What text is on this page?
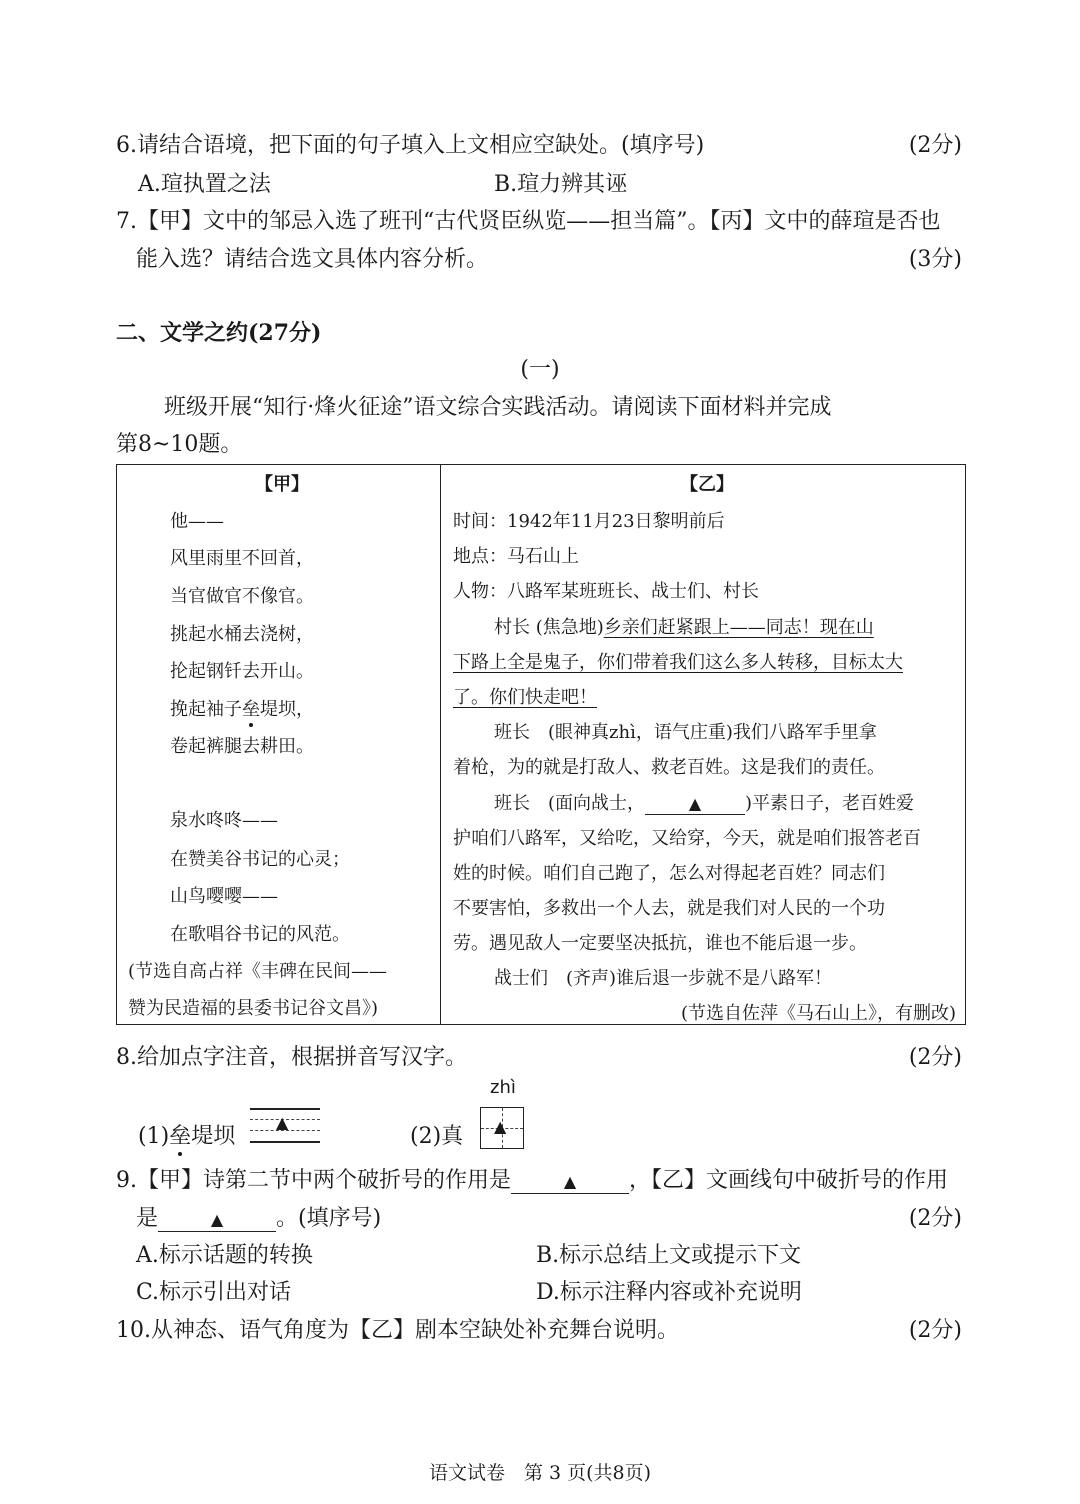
6.请结合语境，把下面的句子填入上文相应空缺处。(填序号)	(2分)
A.瑄执置之法	B.瑄力辨其诬
7.【甲】文中的邹忌入选了班刊“古代贤臣纵览——担当篇”。【丙】文中的薛瑄是否也
能入选？请结合选文具体内容分析。	(3分)
二、文学之约(27分)
(一)
班级开展“知行·烽火征途”语文综合实践活动。请阅读下面材料并完成
第8~10题。
【甲】
他——
风里雨里不回首，
当官做官不像官。
挑起水桶去浇树，
抡起钢钎去开山。
挽起袖子垒堤坝，
卷起裤腿去耕田。
泉水咚咚——
在赞美谷书记的心灵；
山鸟嘤嘤——
在歌唱谷书记的风范。
(节选自高占祥《丰碑在民间——
赞为民造福的县委书记谷文昌》)
【乙】
时间：1942年11月23日黎明前后
地点：马石山上
人物：八路军某班班长、战士们、村长
村长 (焦急地)乡亲们赶紧跟上——同志！现在山
下路上全是鬼子，你们带着我们这么多人转移，目标太大
了。你们快走吧！
班长　(眼神真zhì，语气庄重)我们八路军手里拿
着枪，为的就是打敌人、救老百姓。这是我们的责任。
班长　(面向战士，	▲ )平素日子，老百姓爱
护咱们八路军，又给吃，又给穿，今天，就是咱们报答老百
姓的时候。咱们自己跑了，怎么对得起老百姓？同志们
不要害怕，多救出一个人去，就是我们对人民的一个功
劳。遇见敌人一定要坚决抵抗，谁也不能后退一步。
战士们　(齐声)谁后退一步就不是八路军！
(节选自佐萍《马石山上》，有删改)
8.给加点字注音，根据拼音写汉字。	(2分)
zhì
(1)垒堤坝
▲
(2)真 ▲
9.【甲】诗第二节中两个破折号的作用是	▲ ，【乙】文画线句中破折号的作用
是	▲ 。(填序号)	(2分)
A.标示话题的转换	B.标示总结上文或提示下文
C.标示引出对话	D.标示注释内容或补充说明
10.从神态、语气角度为【乙】剧本空缺处补充舞台说明。	(2分)
语文试卷　第 3 页(共8页)
